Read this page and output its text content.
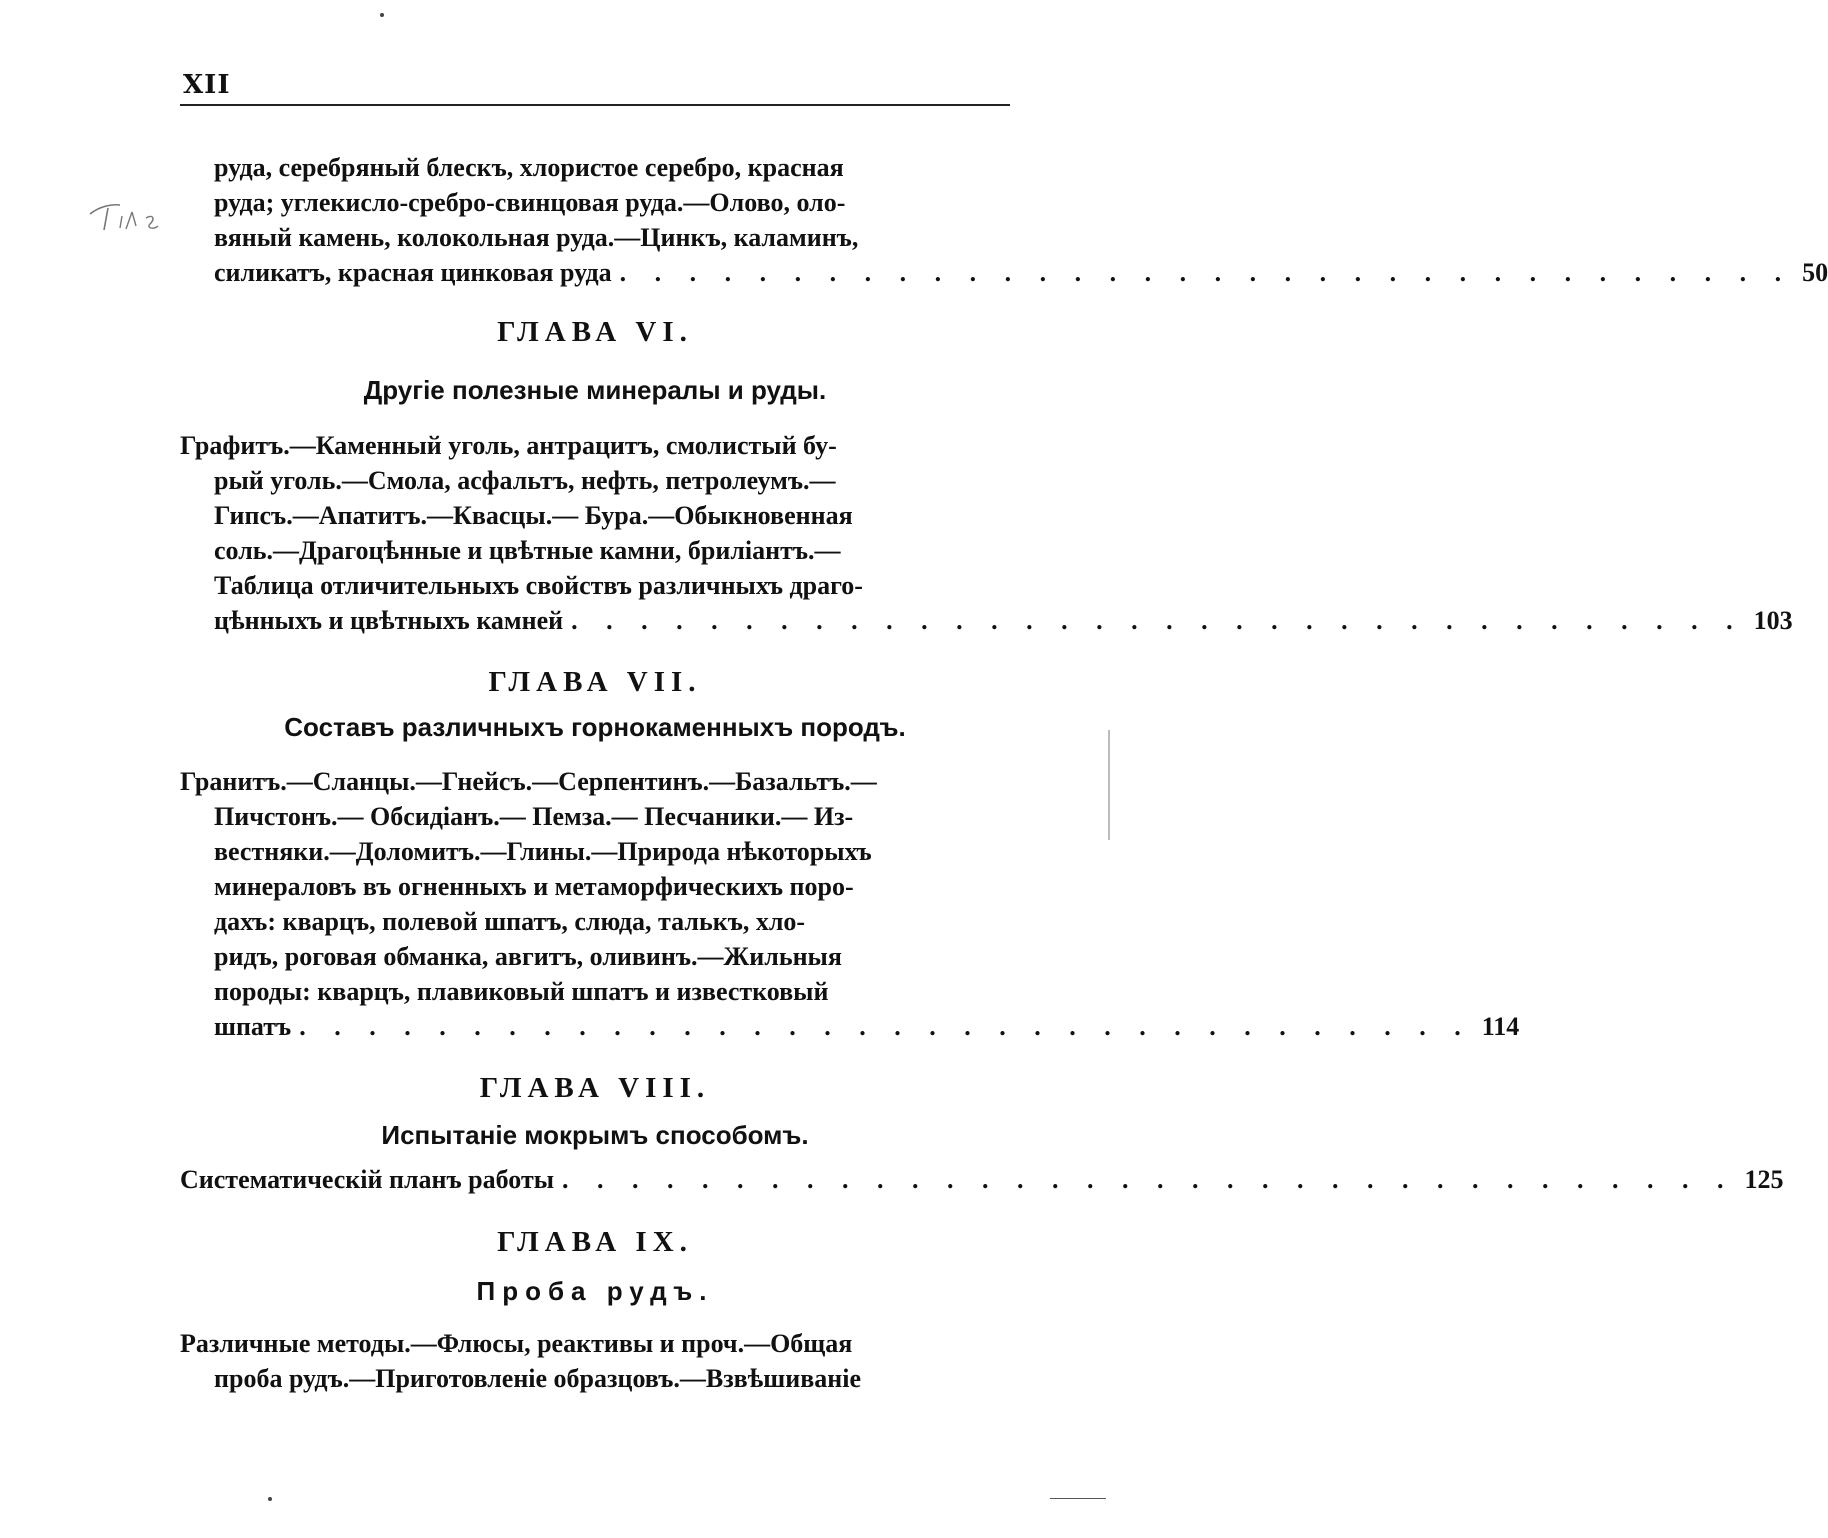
XII
руда, серебряный блескъ, хлористое серебро, красная
руда; углекисло-сребро-свинцовая руда.—Олово, оло-
вяный камень, колокольная руда.—Цинкъ, каламинъ,
силикатъ, красная цинковая руда . . . . . . . . . . . . . . . . . . . . . . . . . . . . . . . . . . 50
ГЛАВА VI.
Другіе полезные минералы и руды.
Графитъ.—Каменный уголь, антрацитъ, смолистый бу-
рый уголь.—Смола, асфальтъ, нефть, петролеумъ.—
Гипсъ.—Апатитъ.—Квасцы.— Бура.—Обыкновенная
соль.—Драгоцѣнные и цвѣтные камни, бриліантъ.—
Таблица отличительныхъ свойствъ различныхъ драго-
цѣнныхъ и цвѣтныхъ камней . . . . . . . . . . . . . . . . . . . . . . . . . . . . . . . . . . 103
ГЛАВА VII.
Составъ различныхъ горнокаменныхъ породъ.
Гранитъ.—Сланцы.—Гнейсъ.—Серпентинъ.—Базальтъ.—
Пичстонъ.— Обсидіанъ.— Пемза.— Песчаники.— Из-
вестняки.—Доломитъ.—Глины.—Природа нѣкоторыхъ
минераловъ въ огненныхъ и метаморфическихъ поро-
дахъ: кварцъ, полевой шпатъ, слюда, талькъ, хло-
ридъ, роговая обманка, авгитъ, оливинъ.—Жильныя
породы: кварцъ, плавиковый шпатъ и известковый
шпатъ . . . . . . . . . . . . . . . . . . . . . . . . . . . . . . . . . . 114
ГЛАВА VIII.
Испытаніе мокрымъ способомъ.
Систематическій планъ работы . . . . . . . . . . . . . . . . . . . . . . . . . . . . . . . . . . 125
ГЛАВА IX.
Проба рудъ.
Различные методы.—Флюсы, реактивы и проч.—Общая
проба рудъ.—Приготовленіе образцовъ.—Взвѣшиваніе
